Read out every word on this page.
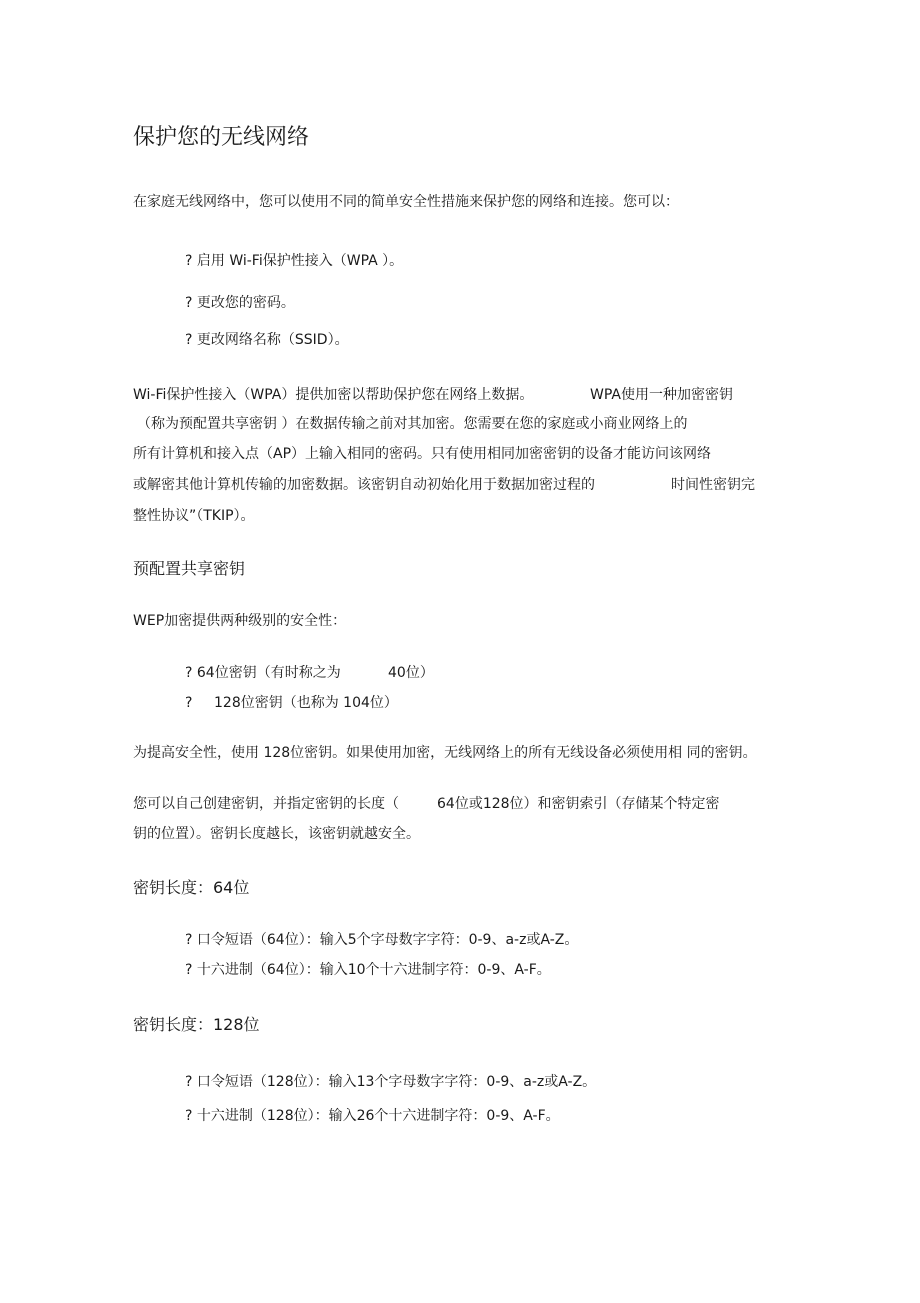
保护您的无线网络
在家庭无线网络中，您可以使用不同的简单安全性措施来保护您的网络和连接。您可以：
? 启用 Wi-Fi保护性接入（WPA ）。
? 更改您的密码。
? 更改网络名称（SSID）。
Wi-Fi保护性接入（WPA）提供加密以帮助保护您在网络上数据。	WPA使用一种加密密钥
（称为预配置共享密钥 ）在数据传输之前对其加密。您需要在您的家庭或小商业网络上的
所有计算机和接入点（AP）上输入相同的密码。只有使用相同加密密钥的设备才能访问该网络
或解密其他计算机传输的加密数据。该密钥自动初始化用于数据加密过程的	时间性密钥完
整性协议”（TKIP）。
预配置共享密钥
WEP加密提供两种级别的安全性：
? 64位密钥（有时称之为	40位）
? 128位密钥（也称为 104位）
为提高安全性，使用 128位密钥。如果使用加密，无线网络上的所有无线设备必须使用相 同的密钥。
您可以自己创建密钥，并指定密钥的长度（	64位或128位）和密钥索引（存储某个特定密
钥的位置）。密钥长度越长，该密钥就越安全。
密钥长度：64位
? 口令短语（64位）：输入5个字母数字字符：0-9、a-z或A-Z。
? 十六进制（64位）：输入10个十六进制字符：0-9、A-F。
密钥长度：128位
? 口令短语（128位）：输入13个字母数字字符：0-9、a-z或A-Z。
? 十六进制（128位）：输入26个十六进制字符：0-9、A-F。
